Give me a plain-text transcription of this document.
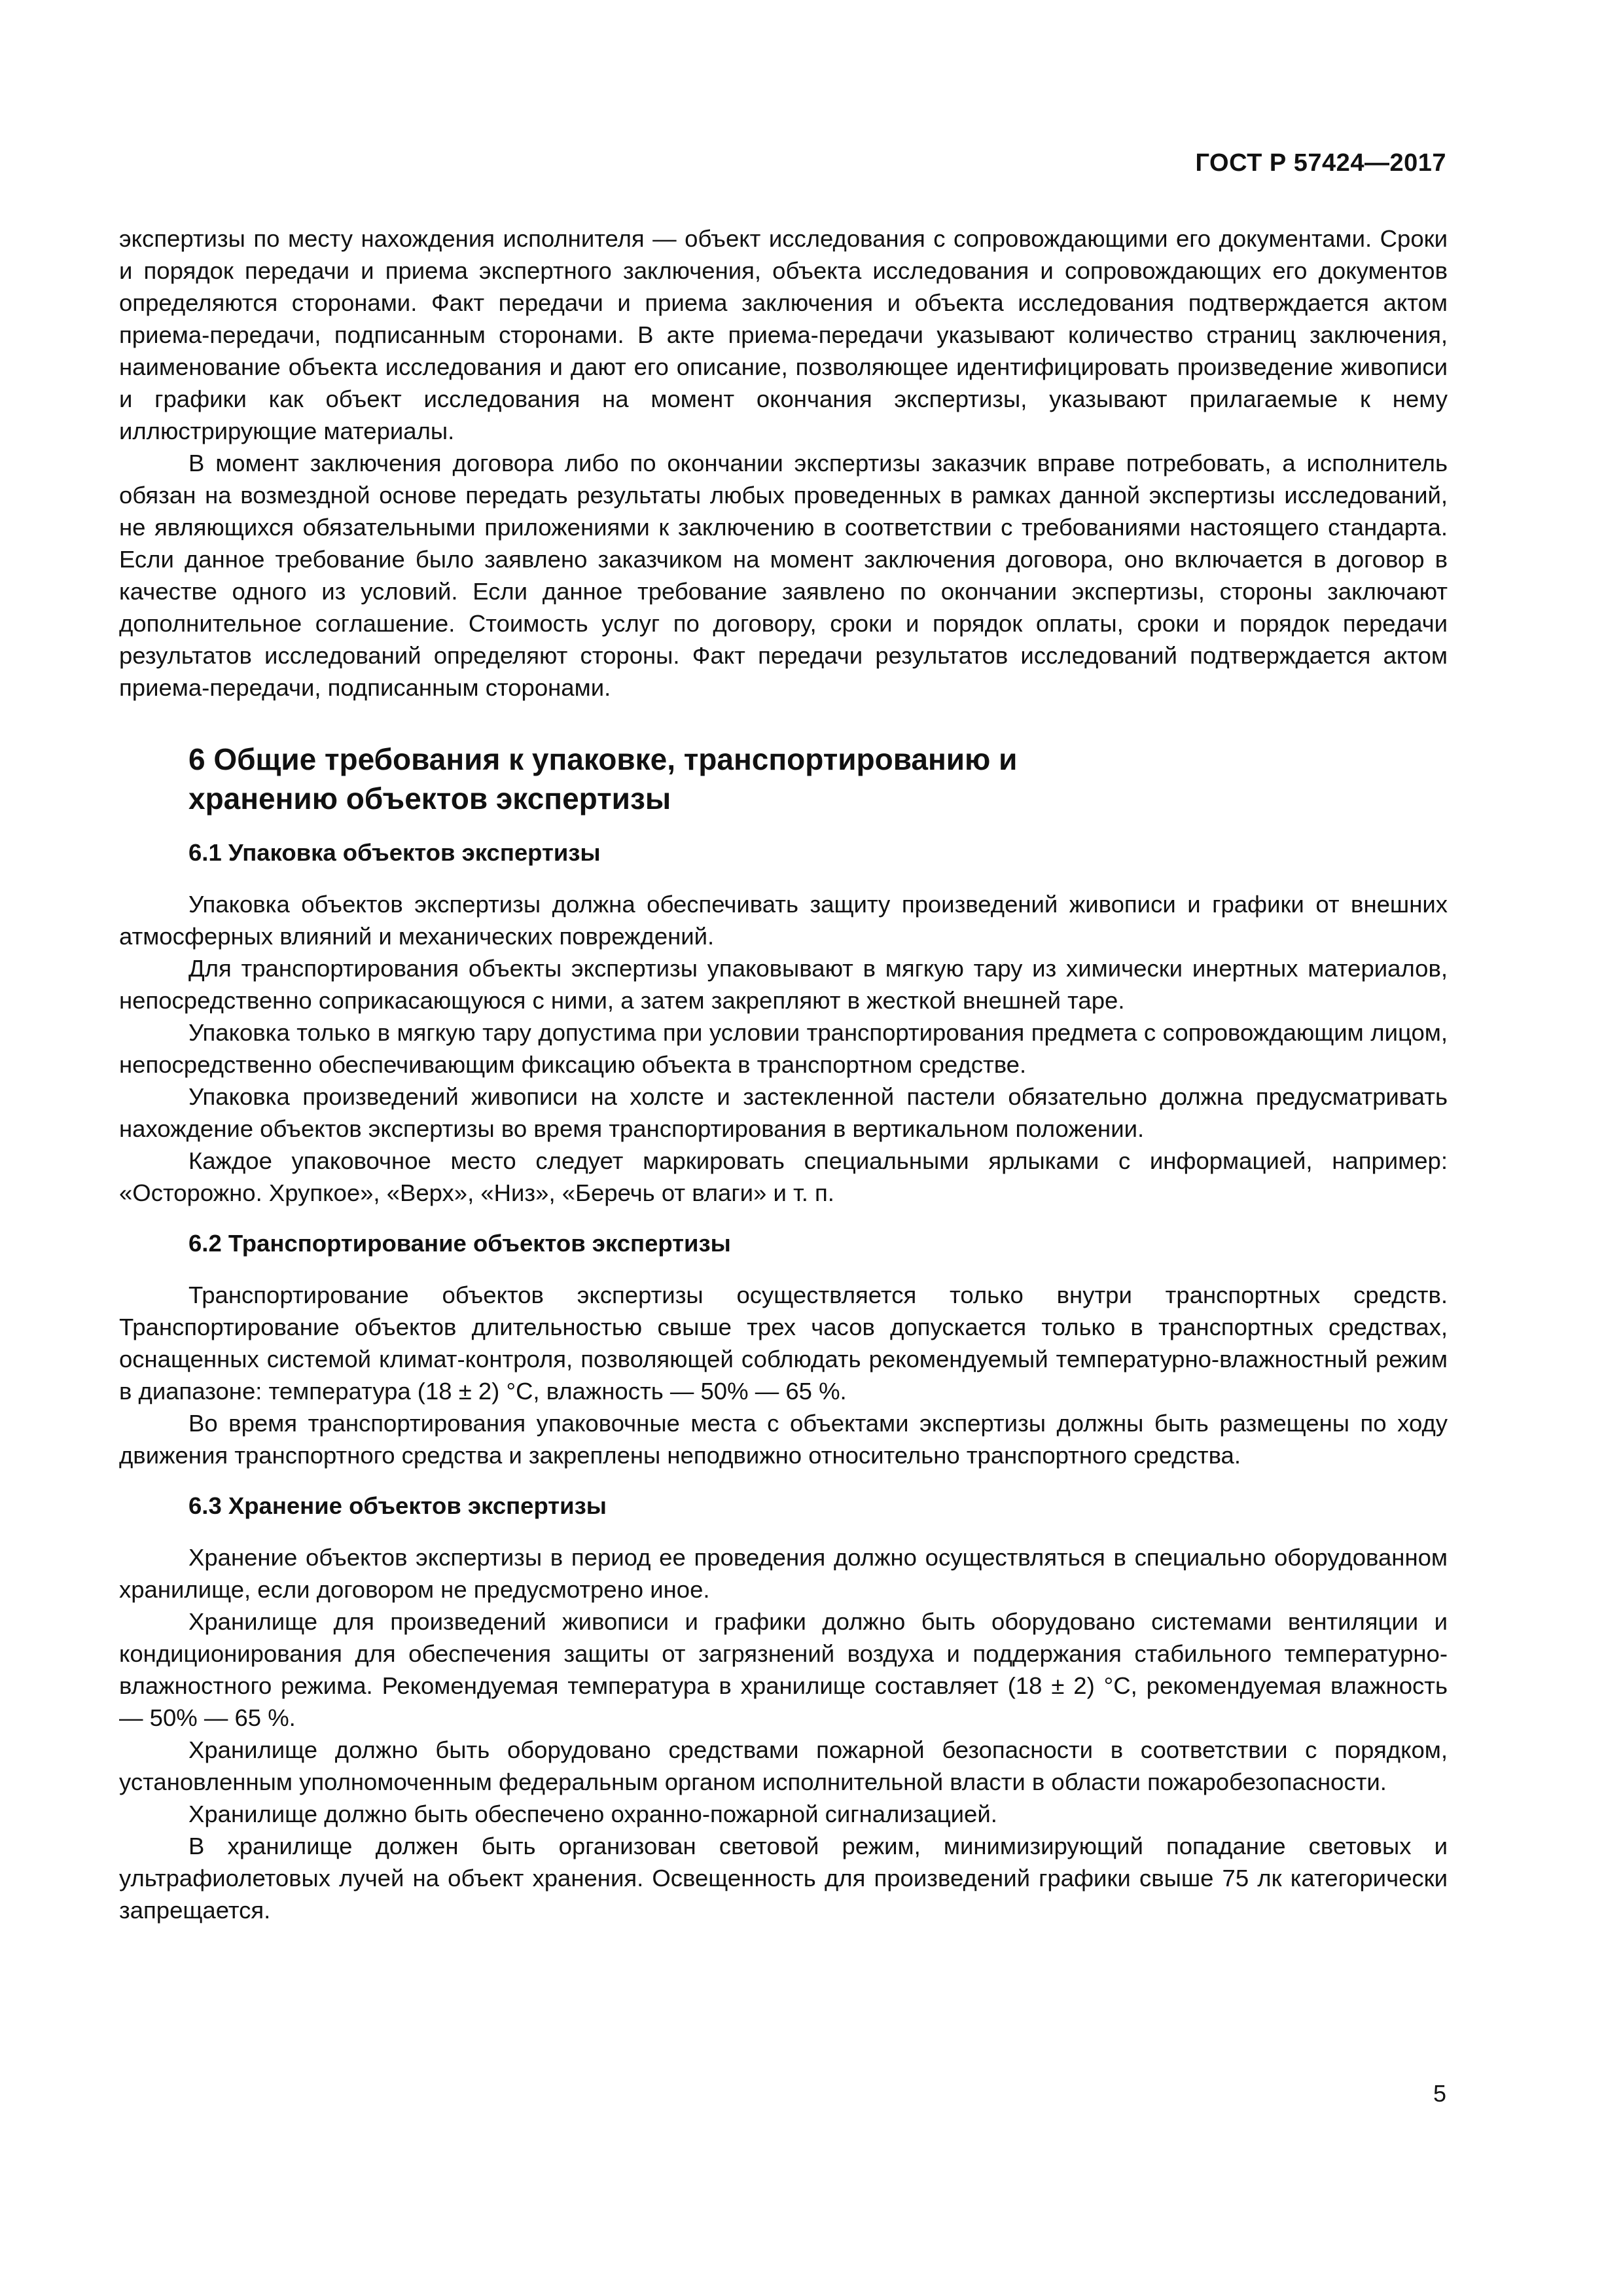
ГОСТ Р 57424—2017

экспертизы по месту нахождения исполнителя — объект исследования с сопровождающими его документами. Сроки и порядок передачи и приема экспертного заключения, объекта исследования и сопровождающих его документов определяются сторонами. Факт передачи и приема заключения и объекта исследования подтверждается актом приема-передачи, подписанным сторонами. В акте приема-передачи указывают количество страниц заключения, наименование объекта исследования и дают его описание, позволяющее идентифицировать произведение живописи и графики как объект исследования на момент окончания экспертизы, указывают прилагаемые к нему иллюстрирующие материалы.

В момент заключения договора либо по окончании экспертизы заказчик вправе потребовать, а исполнитель обязан на возмездной основе передать результаты любых проведенных в рамках данной экспертизы исследований, не являющихся обязательными приложениями к заключению в соответствии с требованиями настоящего стандарта. Если данное требование было заявлено заказчиком на момент заключения договора, оно включается в договор в качестве одного из условий. Если данное требование заявлено по окончании экспертизы, стороны заключают дополнительное соглашение. Стоимость услуг по договору, сроки и порядок оплаты, сроки и порядок передачи результатов исследований определяют стороны. Факт передачи результатов исследований подтверждается актом приема-передачи, подписанным сторонами.

6 Общие требования к упаковке, транспортированию и хранению объектов экспертизы
6.1 Упаковка объектов экспертизы

Упаковка объектов экспертизы должна обеспечивать защиту произведений живописи и графики от внешних атмосферных влияний и механических повреждений.

Для транспортирования объекты экспертизы упаковывают в мягкую тару из химически инертных материалов, непосредственно соприкасающуюся с ними, а затем закрепляют в жесткой внешней таре.

Упаковка только в мягкую тару допустима при условии транспортирования предмета с сопровождающим лицом, непосредственно обеспечивающим фиксацию объекта в транспортном средстве.

Упаковка произведений живописи на холсте и застекленной пастели обязательно должна предусматривать нахождение объектов экспертизы во время транспортирования в вертикальном положении.

Каждое упаковочное место следует маркировать специальными ярлыками с информацией, например: «Осторожно. Хрупкое», «Верх», «Низ», «Беречь от влаги» и т. п.

6.2 Транспортирование объектов экспертизы

Транспортирование объектов экспертизы осуществляется только внутри транспортных средств. Транспортирование объектов длительностью свыше трех часов допускается только в транспортных средствах, оснащенных системой климат-контроля, позволяющей соблюдать рекомендуемый температурно-влажностный режим в диапазоне: температура (18 ± 2) °С, влажность — 50% — 65 %.

Во время транспортирования упаковочные места с объектами экспертизы должны быть размещены по ходу движения транспортного средства и закреплены неподвижно относительно транспортного средства.

6.3 Хранение объектов экспертизы

Хранение объектов экспертизы в период ее проведения должно осуществляться в специально оборудованном хранилище, если договором не предусмотрено иное.

Хранилище для произведений живописи и графики должно быть оборудовано системами вентиляции и кондиционирования для обеспечения защиты от загрязнений воздуха и поддержания стабильного температурно-влажностного режима. Рекомендуемая температура в хранилище составляет (18 ± 2) °С, рекомендуемая влажность — 50% — 65 %.

Хранилище должно быть оборудовано средствами пожарной безопасности в соответствии с порядком, установленным уполномоченным федеральным органом исполнительной власти в области пожаробезопасности.

Хранилище должно быть обеспечено охранно-пожарной сигнализацией.

В хранилище должен быть организован световой режим, минимизирующий попадание световых и ультрафиолетовых лучей на объект хранения. Освещенность для произведений графики свыше 75 лк категорически запрещается.

5
